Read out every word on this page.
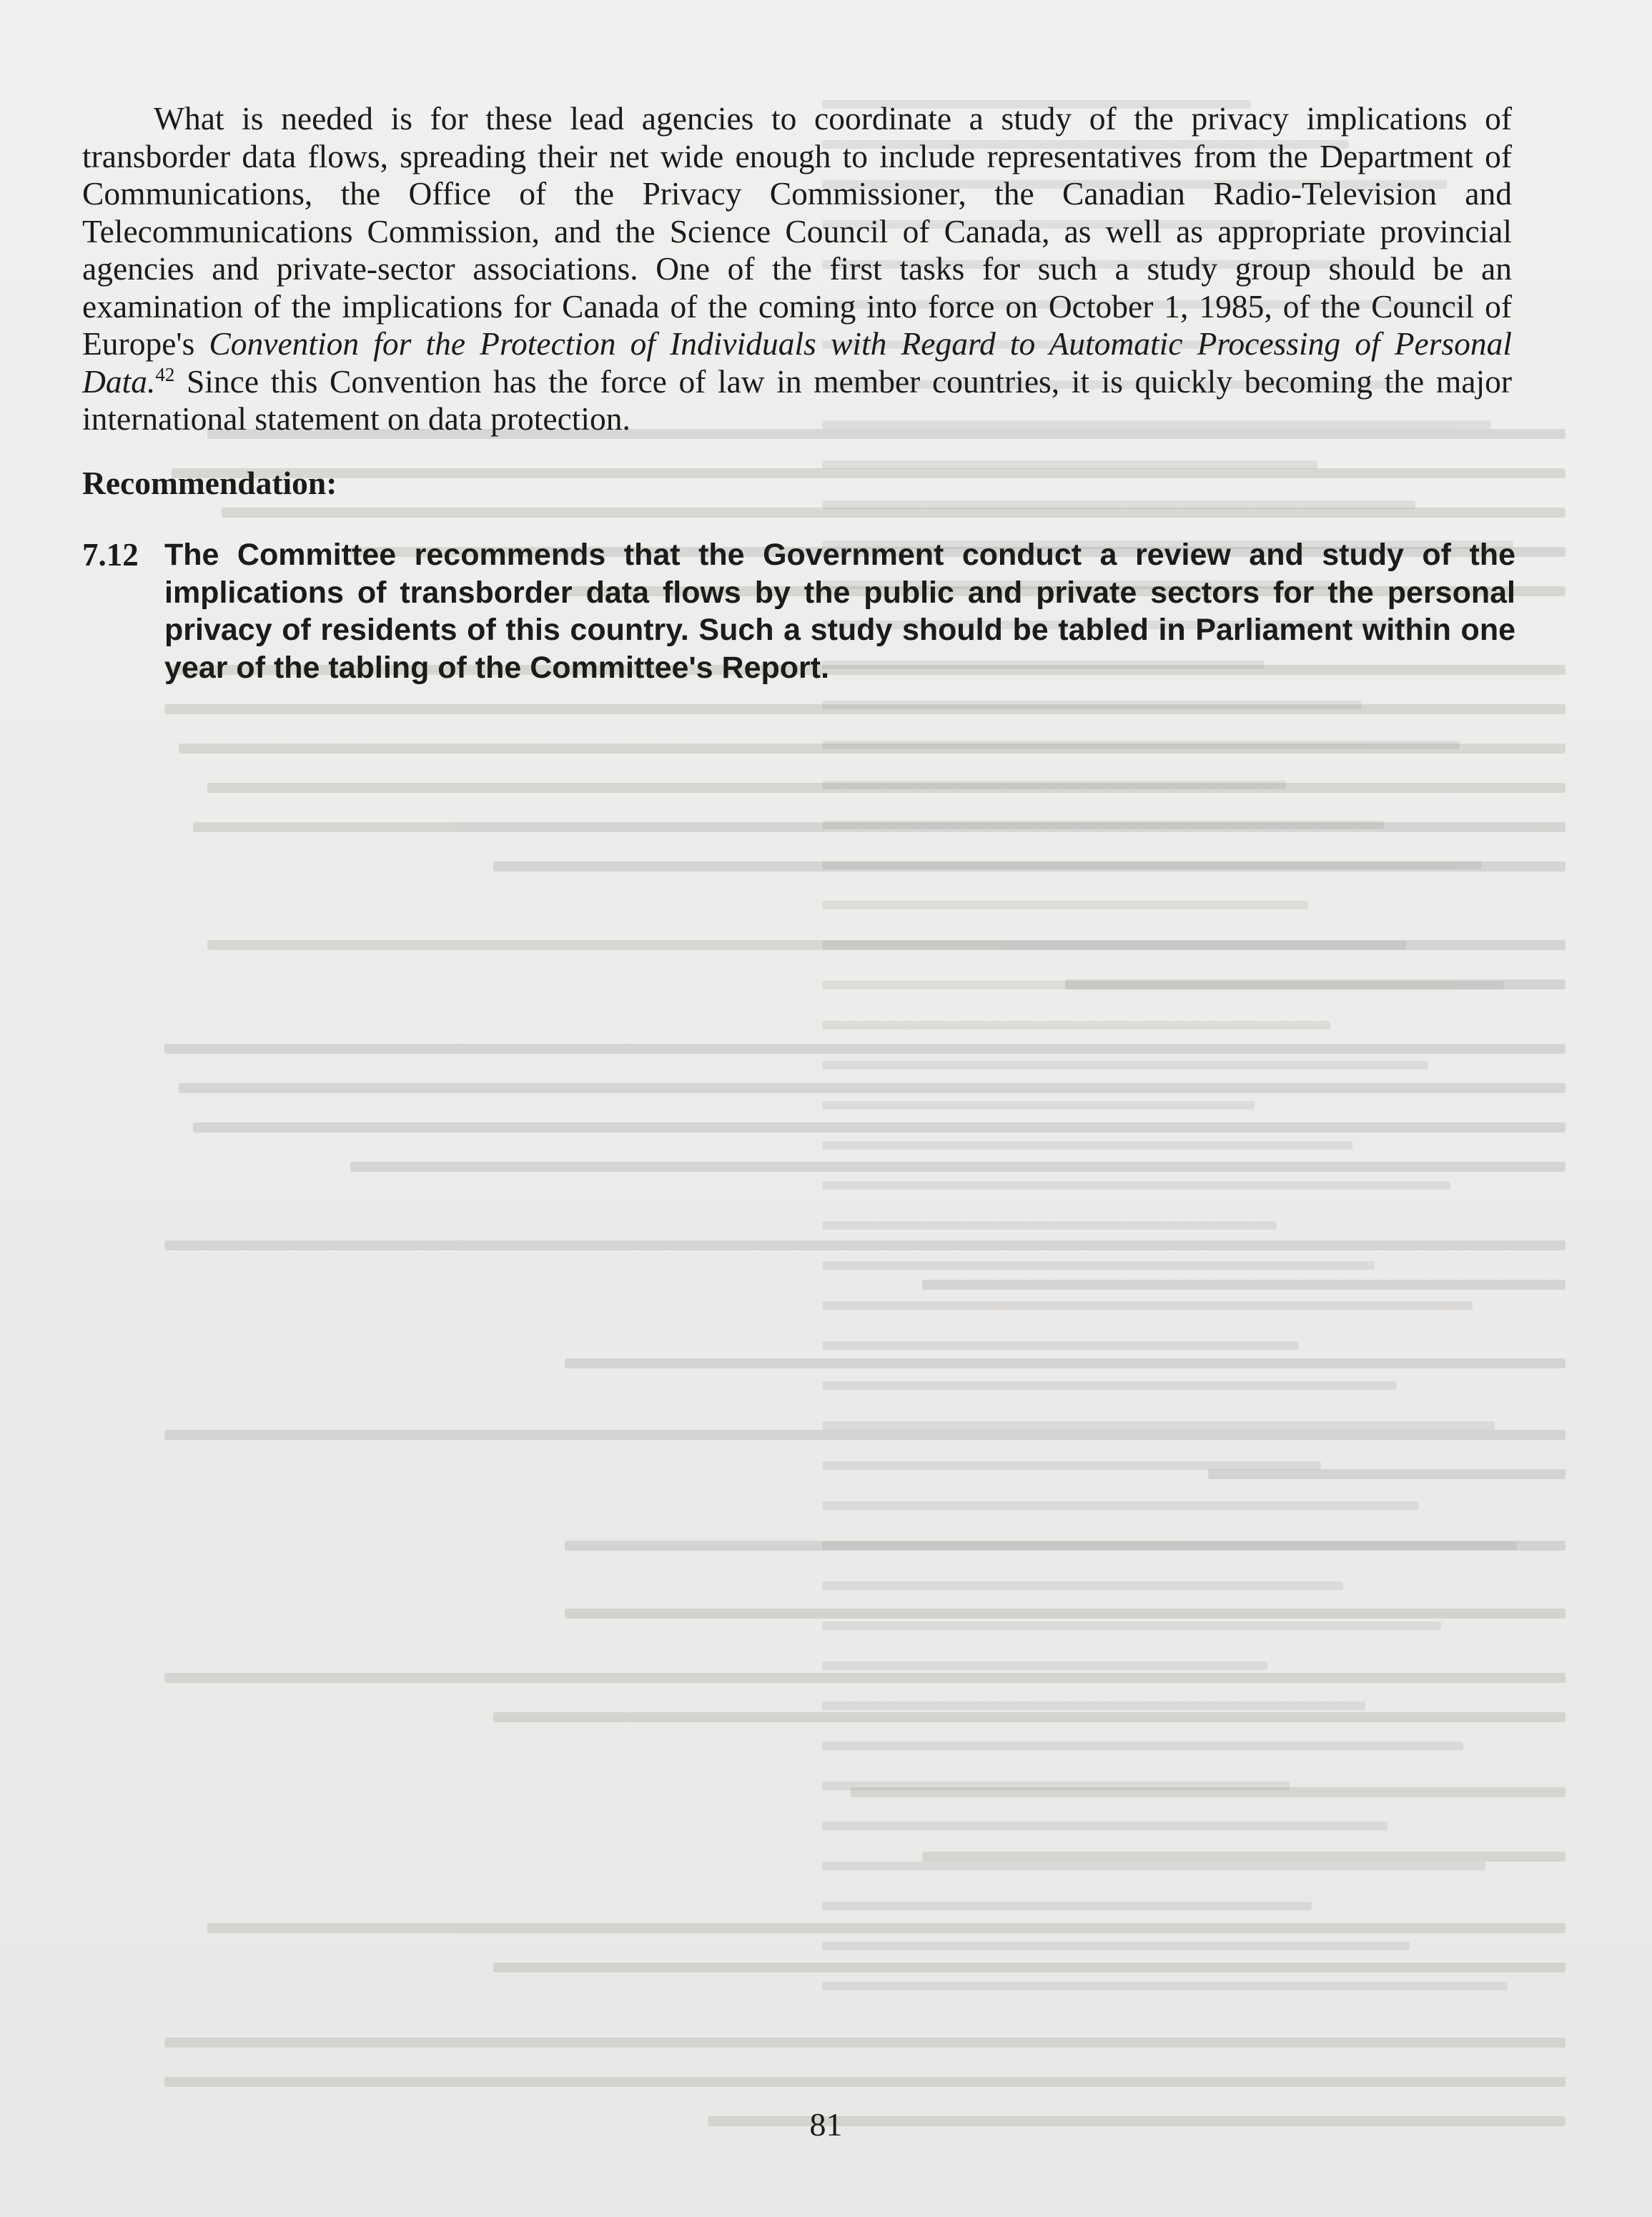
What is needed is for these lead agencies to coordinate a study of the privacy implications of transborder data flows, spreading their net wide enough to include representatives from the Department of Communications, the Office of the Privacy Commissioner, the Canadian Radio-Television and Telecommunications Commission, and the Science Council of Canada, as well as appropriate provincial agencies and private-sector associations. One of the first tasks for such a study group should be an examination of the implications for Canada of the coming into force on October 1, 1985, of the Council of Europe's Convention for the Protection of Individuals with Regard to Automatic Processing of Personal Data.$^{42}$ Since this Convention has the force of law in member countries, it is quickly becoming the major international statement on data protection.
Recommendation:
7.12 The Committee recommends that the Government conduct a review and study of the implications of transborder data flows by the public and private sectors for the personal privacy of residents of this country. Such a study should be tabled in Parliament within one year of the tabling of the Committee's Report.
81
